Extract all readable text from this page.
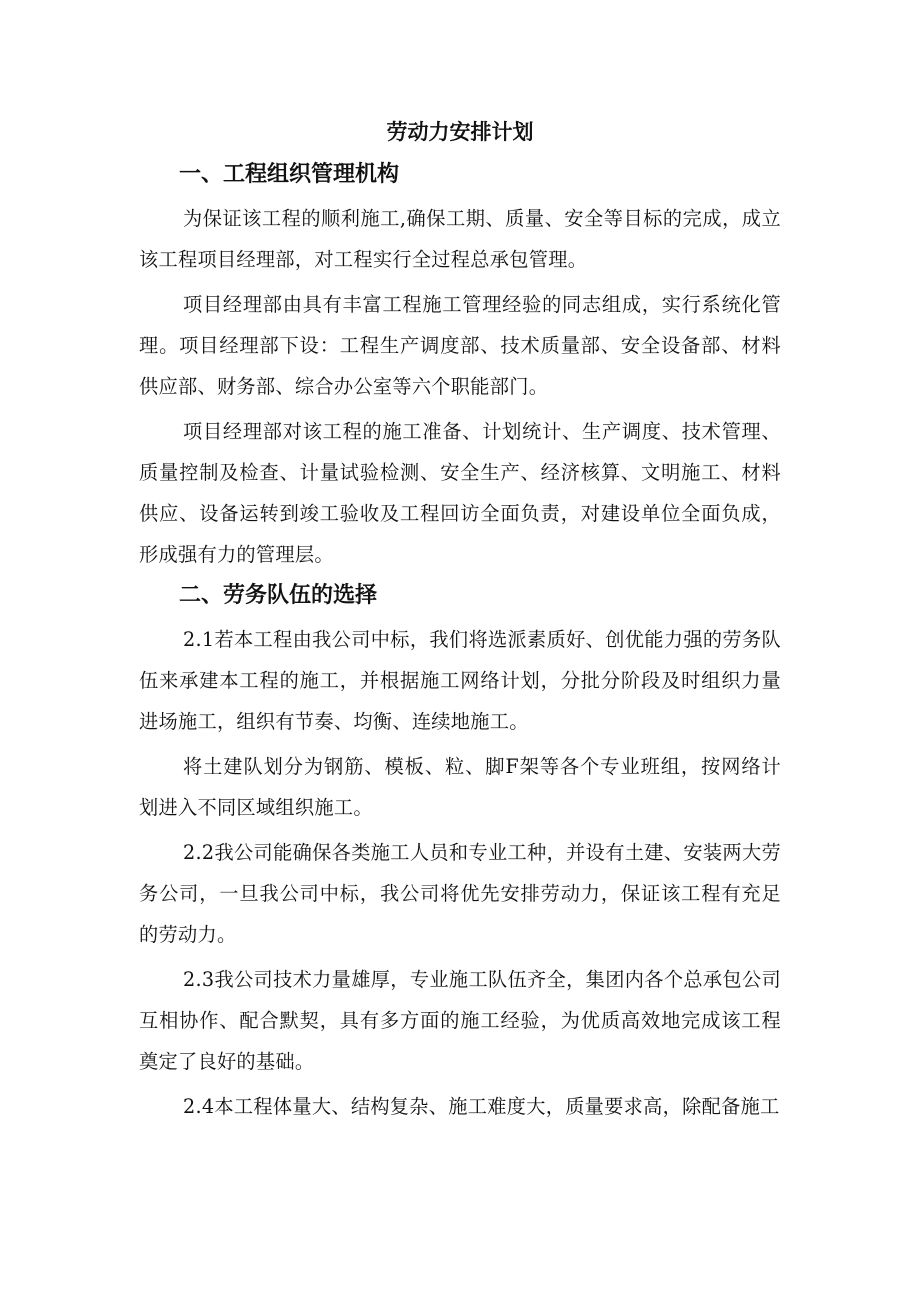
劳动力安排计划
一、工程组织管理机构

为保证该工程的顺利施工,确保工期、质量、安全等目标的完成，成立该工程项目经理部，对工程实行全过程总承包管理。

项目经理部由具有丰富工程施工管理经验的同志组成，实行系统化管理。项目经理部下设：工程生产调度部、技术质量部、安全设备部、材料供应部、财务部、综合办公室等六个职能部门。

项目经理部对该工程的施工准备、计划统计、生产调度、技术管理、质量控制及检查、计量试验检测、安全生产、经济核算、文明施工、材料供应、设备运转到竣工验收及工程回访全面负责，对建设单位全面负成，形成强有力的管理层。

二、劳务队伍的选择

2.1若本工程由我公司中标，我们将选派素质好、创优能力强的劳务队伍来承建本工程的施工，并根据施工网络计划，分批分阶段及时组织力量进场施工，组织有节奏、均衡、连续地施工。

将土建队划分为钢筋、模板、粒、脚F架等各个专业班组，按网络计划进入不同区域组织施工。

2.2我公司能确保各类施工人员和专业工种，并设有土建、安装两大劳务公司，一旦我公司中标，我公司将优先安排劳动力，保证该工程有充足的劳动力。

2.3我公司技术力量雄厚，专业施工队伍齐全，集团内各个总承包公司互相协作、配合默契，具有多方面的施工经验，为优质高效地完成该工程奠定了良好的基础。

2.4本工程体量大、结构复杂、施工难度大，质量要求高，除配备施工
